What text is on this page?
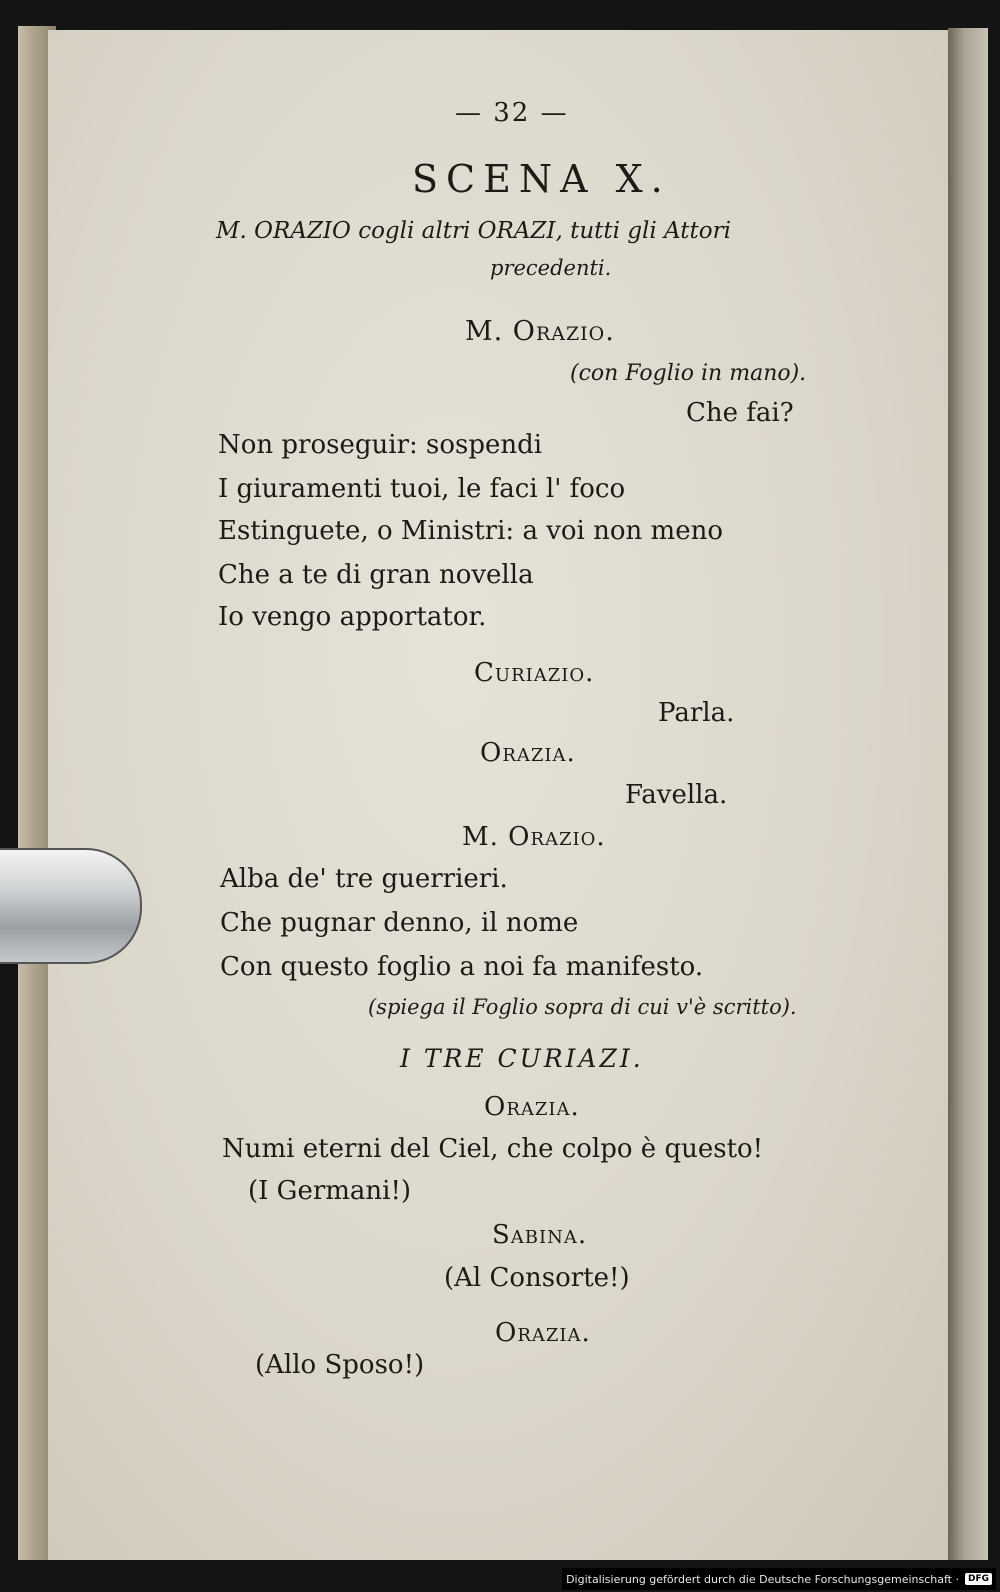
— 32 —
SCENA X.
M. ORAZIO cogli altri ORAZI, tutti gli Attori
precedenti.
M. Orazio.
(con Foglio in mano).
Che fai?
Non proseguir: sospendi
I giuramenti tuoi, le faci l' foco
Estinguete, o Ministri: a voi non meno
Che a te di gran novella
Io vengo apportator.
Curiazio.
Parla.
Orazia.
Favella.
M. Orazio.
Alba de' tre guerrieri.
Che pugnar denno, il nome
Con questo foglio a noi fa manifesto.
(spiega il Foglio sopra di cui v'è scritto).
I TRE CURIAZI.
Orazia.
Numi eterni del Ciel, che colpo è questo!
(I Germani!)
Sabina.
(Al Consorte!)
Orazia.
(Allo Sposo!)
Digitalisierung gefördert durch die Deutsche Forschungsgemeinschaft ·	DFG
